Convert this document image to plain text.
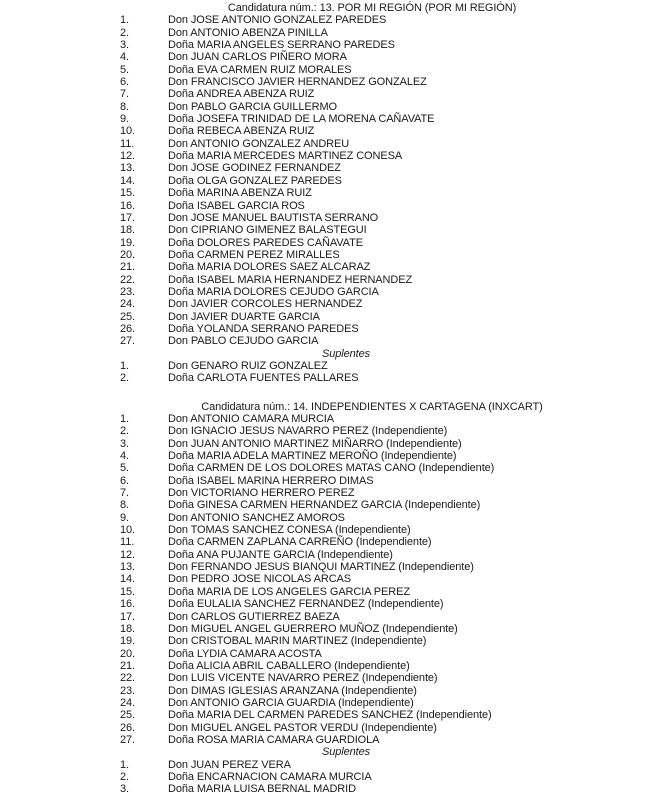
Candidatura núm.: 13. POR MI REGIÓN (POR MI REGIÓN)
1.	Don JOSE ANTONIO GONZALEZ PAREDES
2.	Don ANTONIO ABENZA PINILLA
3.	Doña MARIA ANGELES SERRANO PAREDES
4.	Don JUAN CARLOS PIÑERO MORA
5.	Doña EVA CARMEN RUIZ MORALES
6.	Don FRANCISCO JAVIER HERNANDEZ GONZALEZ
7.	Doña ANDREA ABENZA RUIZ
8.	Don PABLO GARCIA GUILLERMO
9.	Doña JOSEFA TRINIDAD DE LA MORENA CAÑAVATE
10.	Doña REBECA ABENZA RUIZ
11.	Don ANTONIO GONZALEZ ANDREU
12.	Doña MARIA MERCEDES MARTINEZ CONESA
13.	Don JOSE GODINEZ FERNANDEZ
14.	Doña OLGA GONZALEZ PAREDES
15.	Doña MARINA ABENZA RUIZ
16.	Doña ISABEL GARCIA ROS
17.	Don JOSE MANUEL BAUTISTA SERRANO
18.	Don CIPRIANO GIMENEZ BALASTEGUI
19.	Doña DOLORES PAREDES CAÑAVATE
20.	Doña CARMEN PEREZ MIRALLES
21.	Doña MARIA DOLORES SAEZ ALCARAZ
22.	Doña ISABEL MARIA HERNANDEZ HERNANDEZ
23.	Doña MARIA DOLORES CEJUDO GARCIA
24.	Don JAVIER CORCOLES HERNANDEZ
25.	Don JAVIER DUARTE GARCIA
26.	Doña YOLANDA SERRANO PAREDES
27.	Don PABLO CEJUDO GARCIA
Suplentes
1.	Don GENARO RUIZ GONZALEZ
2.	Doña CARLOTA FUENTES PALLARES
Candidatura núm.: 14. INDEPENDIENTES X CARTAGENA (INXCART)
1.	Don ANTONIO CAMARA MURCIA
2.	Don IGNACIO JESUS NAVARRO PEREZ (Independiente)
3.	Don JUAN ANTONIO MARTINEZ MIÑARRO (Independiente)
4.	Doña MARIA ADELA MARTINEZ MEROÑO (Independiente)
5.	Doña CARMEN DE LOS DOLORES MATAS CANO (Independiente)
6.	Doña ISABEL MARINA HERRERO DIMAS
7.	Don VICTORIANO HERRERO PEREZ
8.	Doña GINESA CARMEN HERNANDEZ GARCIA (Independiente)
9.	Don ANTONIO SANCHEZ AMOROS
10.	Don TOMAS SANCHEZ CONESA (Independiente)
11.	Doña CARMEN ZAPLANA CARREÑO (Independiente)
12.	Doña ANA PUJANTE GARCIA (Independiente)
13.	Don FERNANDO JESUS BIANQUI MARTINEZ (Independiente)
14.	Don PEDRO JOSE NICOLAS ARCAS
15.	Doña MARIA DE LOS ANGELES GARCIA PEREZ
16.	Doña EULALIA SANCHEZ FERNANDEZ (Independiente)
17.	Don CARLOS GUTIERREZ BAEZA
18.	Don MIGUEL ANGEL GUERRERO MUÑOZ (Independiente)
19.	Don CRISTOBAL MARIN MARTINEZ (Independiente)
20.	Doña LYDIA CAMARA ACOSTA
21.	Doña ALICIA ABRIL CABALLERO (Independiente)
22.	Don LUIS VICENTE NAVARRO PEREZ (Independiente)
23.	Don DIMAS IGLESIAS ARANZANA (Independiente)
24.	Don ANTONIO GARCIA GUARDIA (Independiente)
25.	Doña MARIA DEL CARMEN PAREDES SANCHEZ (Independiente)
26.	Don MIGUEL ANGEL PASTOR VERDU (Independiente)
27.	Doña ROSA MARIA CAMARA GUARDIOLA
Suplentes
1.	Don JUAN PEREZ VERA
2.	Doña ENCARNACION CAMARA MURCIA
3.	Doña MARIA LUISA BERNAL MADRID
